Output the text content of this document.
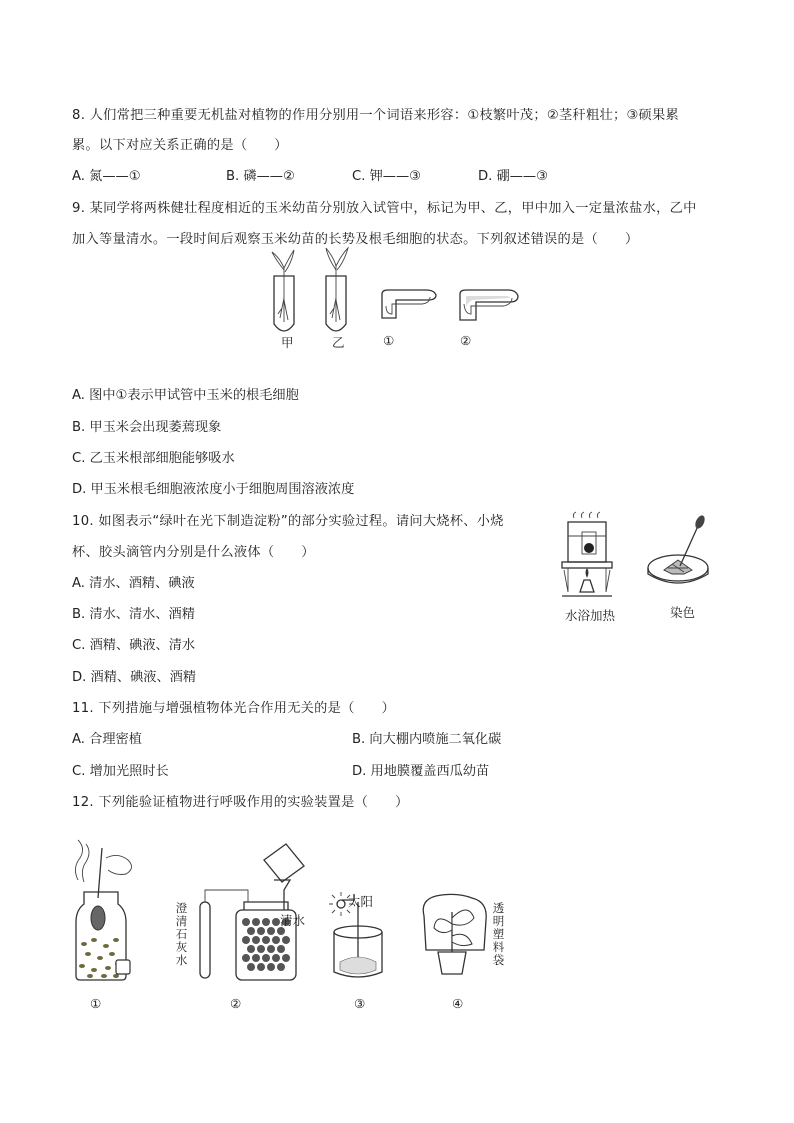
8. 人们常把三种重要无机盐对植物的作用分别用一个词语来形容：①枝繁叶茂；②茎秆粗壮；③硕果累
累。以下对应关系正确的是（　　）
A. 氮——①	B. 磷——②	C. 钾——③	D. 硼——③
9. 某同学将两株健壮程度相近的玉米幼苗分别放入试管中，标记为甲、乙，甲中加入一定量浓盐水，乙中
加入等量清水。一段时间后观察玉米幼苗的长势及根毛细胞的状态。下列叙述错误的是（　　）
甲	乙	①	②
A. 图中①表示甲试管中玉米的根毛细胞
B. 甲玉米会出现萎蔫现象
C. 乙玉米根部细胞能够吸水
D. 甲玉米根毛细胞液浓度小于细胞周围溶液浓度
10. 如图表示“绿叶在光下制造淀粉”的部分实验过程。请问大烧杯、小烧
杯、胶头滴管内分别是什么液体（　　）
水浴加热	染色
A. 清水、酒精、碘液
B. 清水、清水、酒精
C. 酒精、碘液、清水
D. 酒精、碘液、酒精
11. 下列措施与增强植物体光合作用无关的是（　　）
A. 合理密植	B. 向大棚内喷施二氧化碳
C. 增加光照时长	D. 用地膜覆盖西瓜幼苗
12. 下列能验证植物进行呼吸作用的实验装置是（　　）
澄清石灰水
清水
太阳	透明塑料袋
①	②	③	④
